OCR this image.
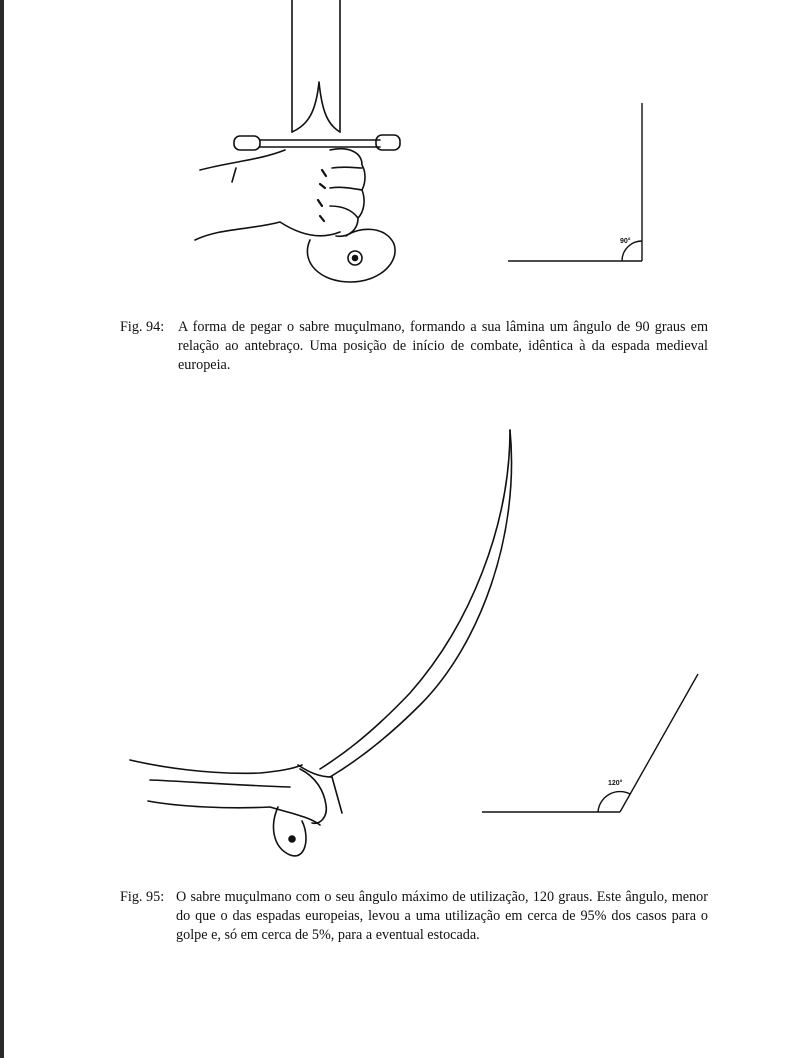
90°
Fig. 94: A forma de pegar o sabre muçulmano, formando a sua lâmina um ângulo de 90 graus em relação ao antebraço. Uma posição de início de combate, idêntica à da espada medieval europeia.
120°
Fig. 95: O sabre muçulmano com o seu ângulo máximo de utilização, 120 graus. Este ângulo, menor do que o das espadas europeias, levou a uma utilização em cerca de 95% dos casos para o golpe e, só em cerca de 5%, para a eventual estocada.
